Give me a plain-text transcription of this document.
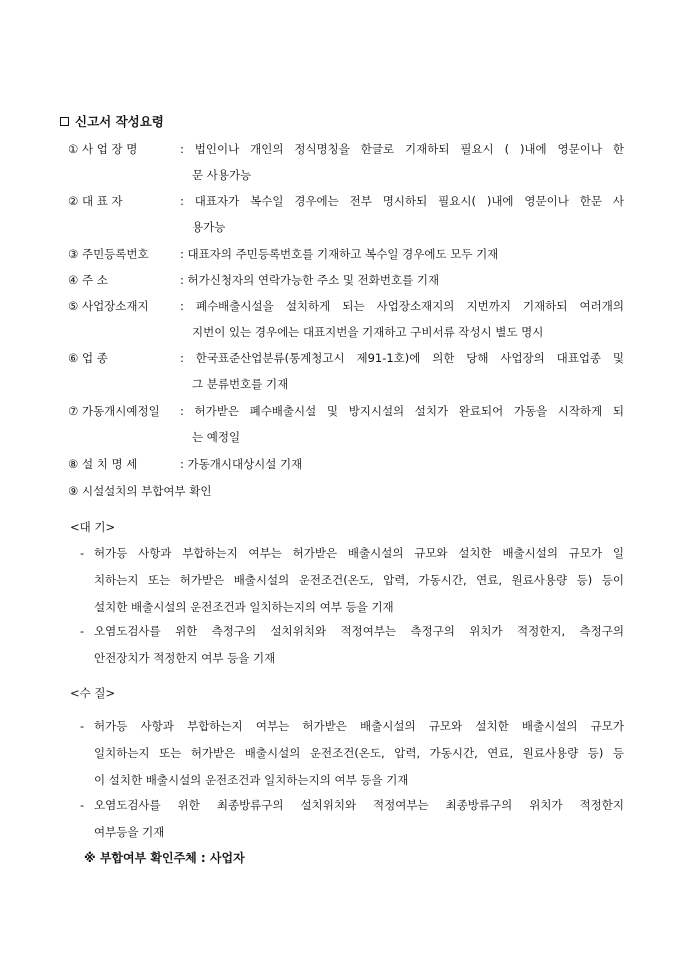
신고서 작성요령
① 사 업 장 명	: 법인이나 개인의 정식명칭을 한글로 기재하되 필요시 ( )내에 영문이나 한
문 사용가능
② 대 표 자	: 대표자가 복수일 경우에는 전부 명시하되 필요시( )내에 영문이나 한문 사
용가능
③ 주민등록번호	: 대표자의 주민등록번호를 기재하고 복수일 경우에도 모두 기재
④ 주 소	: 허가신청자의 연락가능한 주소 및 전화번호를 기재
⑤ 사업장소재지	: 폐수배출시설을 설치하게 되는 사업장소재지의 지번까지 기재하되 여러개의
지번이 있는 경우에는 대표지번을 기재하고 구비서류 작성시 별도 명시
⑥ 업 종	: 한국표준산업분류(통계청고시 제91-1호)에 의한 당해 사업장의 대표업종 및
그 분류번호를 기재
⑦ 가동개시예정일 : 허가받은 폐수배출시설 및 방지시설의 설치가 완료되어 가동을 시작하게 되
는 예정일
⑧ 설 치 명 세	: 가동개시대상시설 기재
⑨ 시설설치의 부합여부 확인
<대 기>
- 허가등 사항과 부합하는지 여부는 허가받은 배출시설의 규모와 설치한 배출시설의 규모가 일
치하는지 또는 허가받은 배출시설의 운전조건(온도, 압력, 가동시간, 연료, 원료사용량 등) 등이
설치한 배출시설의 운전조건과 일치하는지의 여부 등을 기재
- 오염도검사를 위한 측정구의 설치위치와 적정여부는 측정구의 위치가 적정한지, 측정구의
안전장치가 적정한지 여부 등을 기재
<수 질>
- 허가등 사항과 부합하는지 여부는 허가받은 배출시설의 규모와 설치한 배출시설의 규모가
일치하는지 또는 허가받은 배출시설의 운전조건(온도, 압력, 가동시간, 연료, 원료사용량 등) 등
이 설치한 배출시설의 운전조건과 일치하는지의 여부 등을 기재
- 오염도검사를 위한 최종방류구의 설치위치와 적정여부는 최종방류구의 위치가 적정한지
여부등을 기재
※ 부합여부 확인주체 : 사업자
